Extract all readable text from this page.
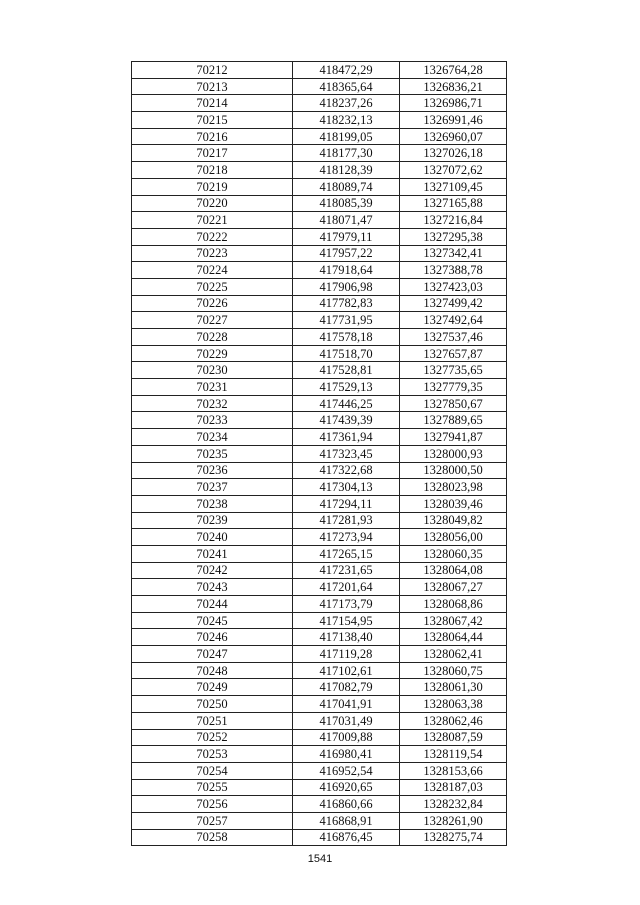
70212	418472,29	1326764,28
70213	418365,64	1326836,21
70214	418237,26	1326986,71
70215	418232,13	1326991,46
70216	418199,05	1326960,07
70217	418177,30	1327026,18
70218	418128,39	1327072,62
70219	418089,74	1327109,45
70220	418085,39	1327165,88
70221	418071,47	1327216,84
70222	417979,11	1327295,38
70223	417957,22	1327342,41
70224	417918,64	1327388,78
70225	417906,98	1327423,03
70226	417782,83	1327499,42
70227	417731,95	1327492,64
70228	417578,18	1327537,46
70229	417518,70	1327657,87
70230	417528,81	1327735,65
70231	417529,13	1327779,35
70232	417446,25	1327850,67
70233	417439,39	1327889,65
70234	417361,94	1327941,87
70235	417323,45	1328000,93
70236	417322,68	1328000,50
70237	417304,13	1328023,98
70238	417294,11	1328039,46
70239	417281,93	1328049,82
70240	417273,94	1328056,00
70241	417265,15	1328060,35
70242	417231,65	1328064,08
70243	417201,64	1328067,27
70244	417173,79	1328068,86
70245	417154,95	1328067,42
70246	417138,40	1328064,44
70247	417119,28	1328062,41
70248	417102,61	1328060,75
70249	417082,79	1328061,30
70250	417041,91	1328063,38
70251	417031,49	1328062,46
70252	417009,88	1328087,59
70253	416980,41	1328119,54
70254	416952,54	1328153,66
70255	416920,65	1328187,03
70256	416860,66	1328232,84
70257	416868,91	1328261,90
70258	416876,45	1328275,74
1541
